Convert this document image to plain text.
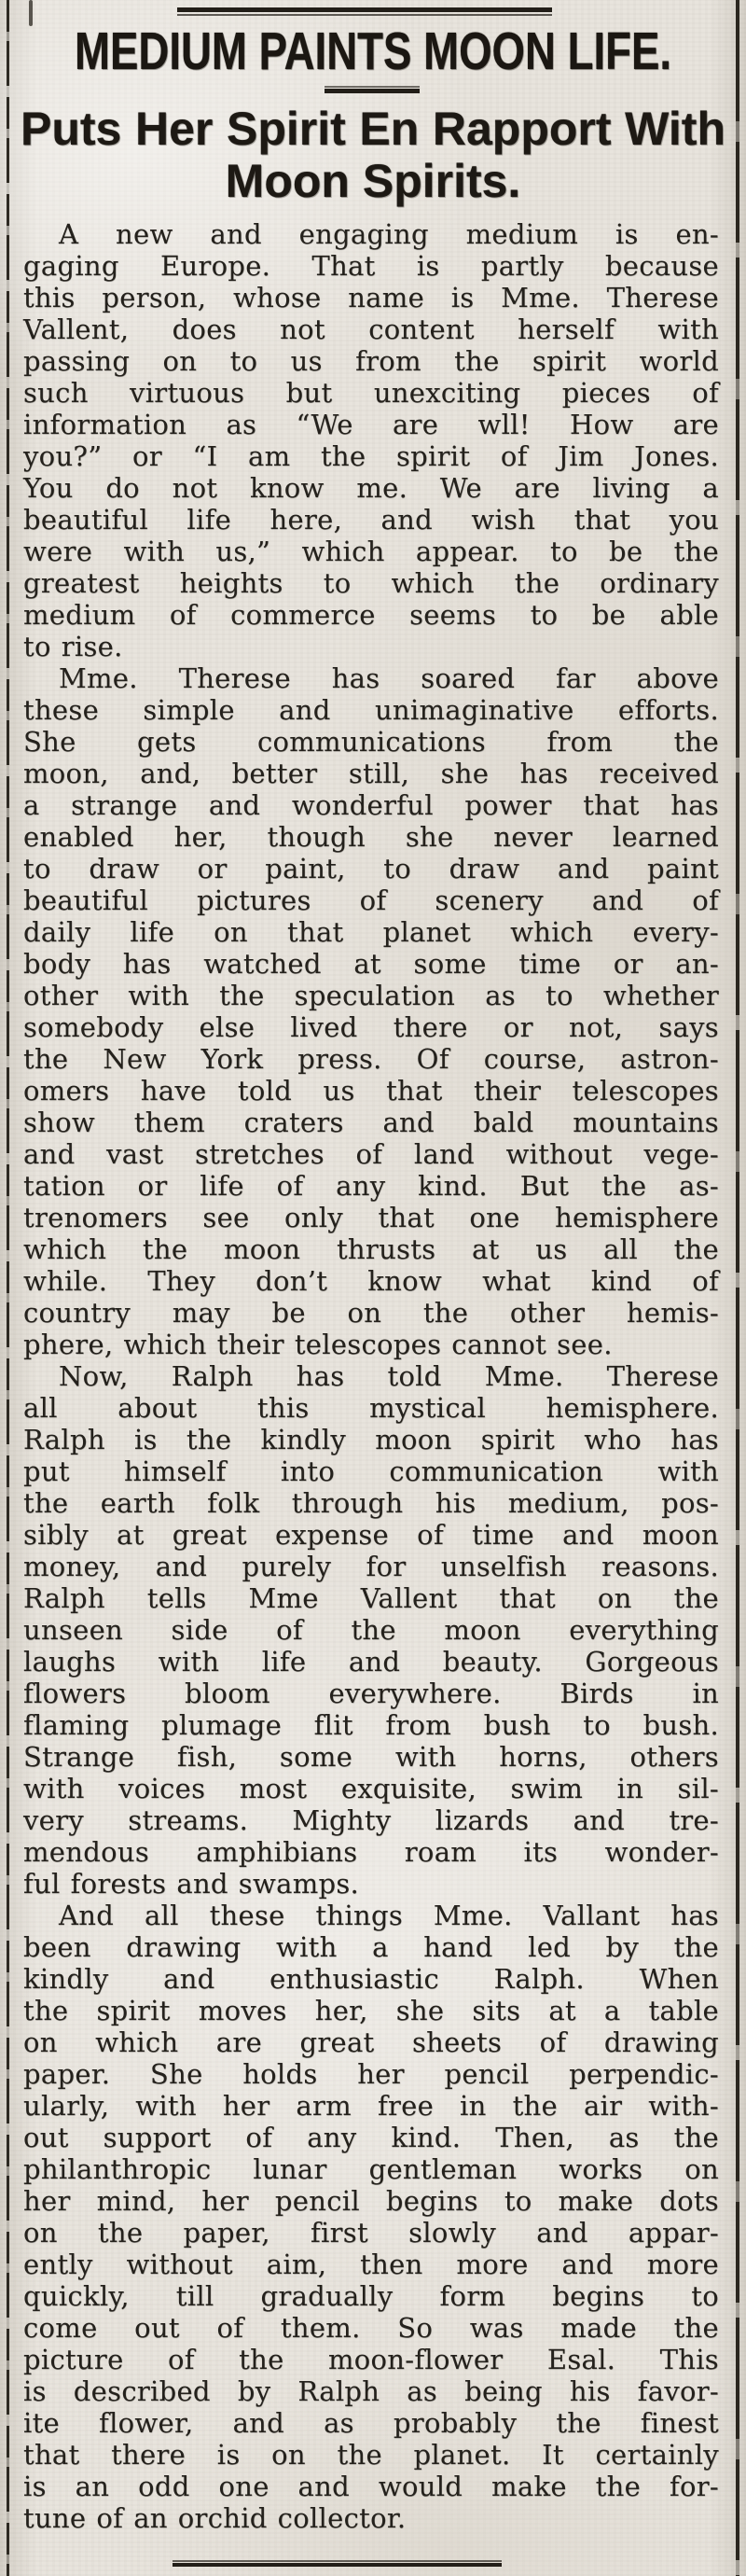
MEDIUM PAINTS MOON LIFE.
Puts Her Spirit En Rapport With
Moon Spirits.
A new and engaging medium is en-
gaging Europe. That is partly because
this person, whose name is Mme. Therese
Vallent, does not content herself with
passing on to us from the spirit world
such virtuous but unexciting pieces of
information as “We are wll! How are
you?” or “I am the spirit of Jim Jones.
You do not know me. We are living a
beautiful life here, and wish that you
were with us,” which appear. to be the
greatest heights to which the ordinary
medium of commerce seems to be able
to rise.
Mme. Therese has soared far above
these simple and unimaginative efforts.
She gets communications from the
moon, and, better still, she has received
a strange and wonderful power that has
enabled her, though she never learned
to draw or paint, to draw and paint
beautiful pictures of scenery and of
daily life on that planet which every-
body has watched at some time or an-
other with the speculation as to whether
somebody else lived there or not, says
the New York press. Of course, astron-
omers have told us that their telescopes
show them craters and bald mountains
and vast stretches of land without vege-
tation or life of any kind. But the as-
trenomers see only that one hemisphere
which the moon thrusts at us all the
while. They don’t know what kind of
country may be on the other hemis-
phere, which their telescopes cannot see.
Now, Ralph has told Mme. Therese
all about this mystical hemisphere.
Ralph is the kindly moon spirit who has
put himself into communication with
the earth folk through his medium, pos-
sibly at great expense of time and moon
money, and purely for unselfish reasons.
Ralph tells Mme Vallent that on the
unseen side of the moon everything
laughs with life and beauty. Gorgeous
flowers bloom everywhere. Birds in
flaming plumage flit from bush to bush.
Strange fish, some with horns, others
with voices most exquisite, swim in sil-
very streams. Mighty lizards and tre-
mendous amphibians roam its wonder-
ful forests and swamps.
And all these things Mme. Vallant has
been drawing with a hand led by the
kindly and enthusiastic Ralph. When
the spirit moves her, she sits at a table
on which are great sheets of drawing
paper. She holds her pencil perpendic-
ularly, with her arm free in the air with-
out support of any kind. Then, as the
philanthropic lunar gentleman works on
her mind, her pencil begins to make dots
on the paper, first slowly and appar-
ently without aim, then more and more
quickly, till gradually form begins to
come out of them. So was made the
picture of the moon-flower Esal. This
is described by Ralph as being his favor-
ite flower, and as probably the finest
that there is on the planet. It certainly
is an odd one and would make the for-
tune of an orchid collector.
